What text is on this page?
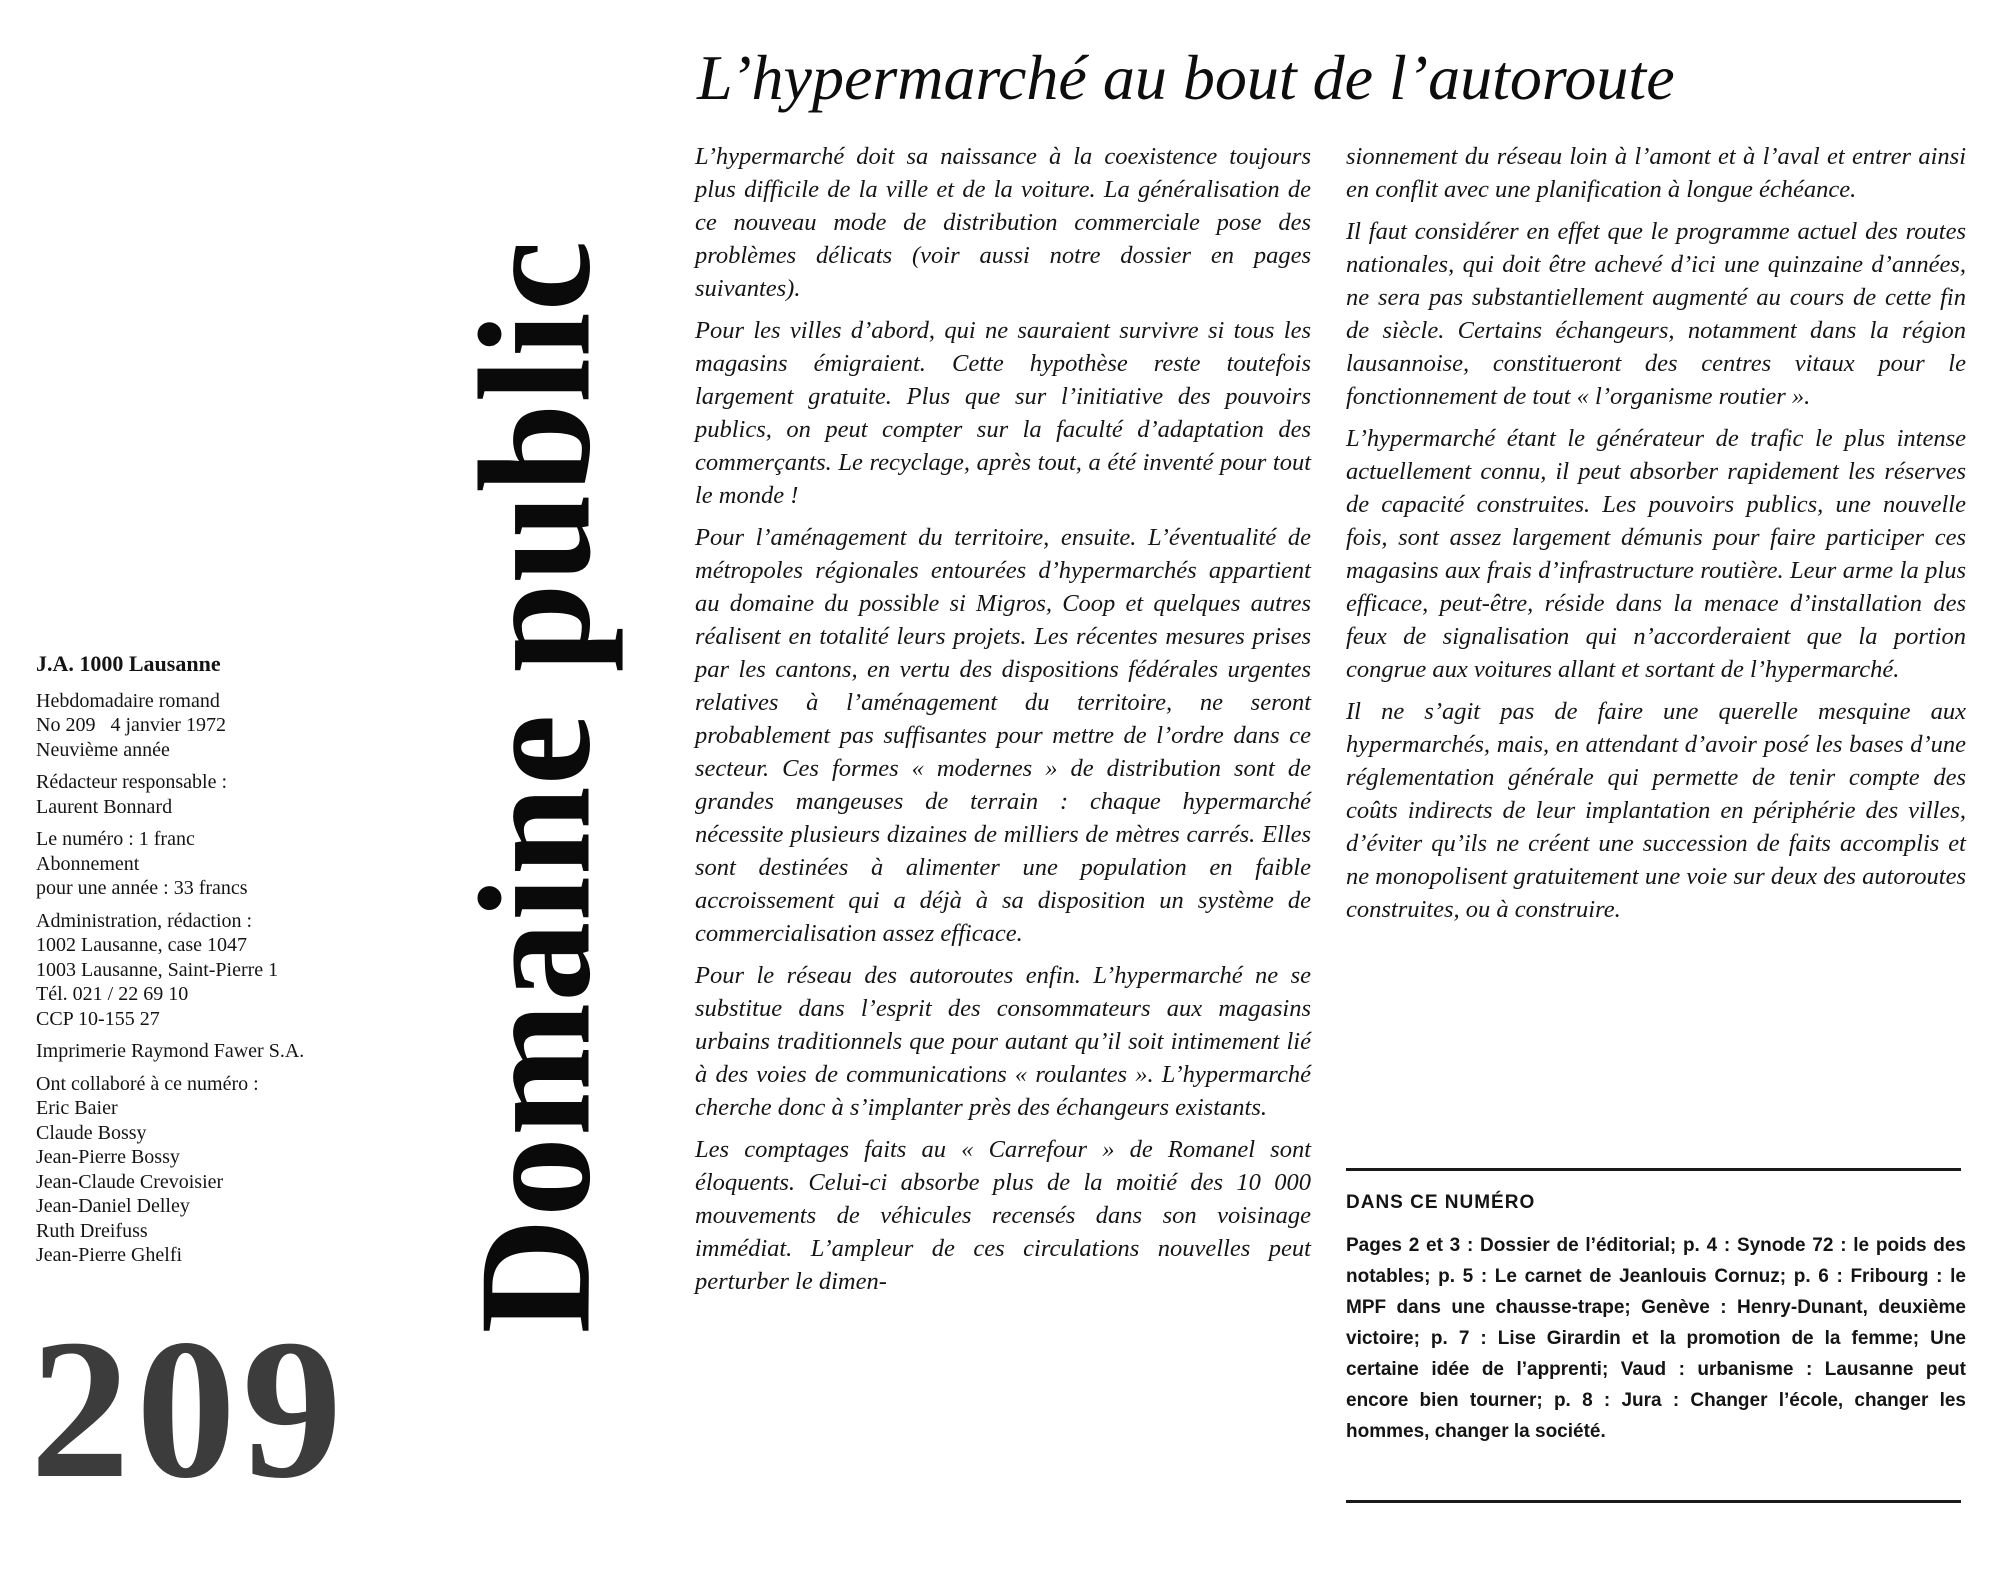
Domaine public
J.A. 1000 Lausanne
Hebdomadaire romand
No 209   4 janvier 1972
Neuvième année
Rédacteur responsable :
Laurent Bonnard
Le numéro : 1 franc
Abonnement
pour une année : 33 francs
Administration, rédaction :
1002 Lausanne, case 1047
1003 Lausanne, Saint-Pierre 1
Tél. 021 / 22 69 10
CCP 10-155 27
Imprimerie Raymond Fawer S.A.
Ont collaboré à ce numéro :
Eric Baier
Claude Bossy
Jean-Pierre Bossy
Jean-Claude Crevoisier
Jean-Daniel Delley
Ruth Dreifuss
Jean-Pierre Ghelfi
209
L’hypermarché au bout de l’autoroute

L’hypermarché doit sa naissance à la coexistence toujours plus difficile de la ville et de la voiture. La généralisation de ce nouveau mode de distribution commerciale pose des problèmes délicats (voir aussi notre dossier en pages suivantes).

Pour les villes d’abord, qui ne sauraient survivre si tous les magasins émigraient. Cette hypothèse reste toutefois largement gratuite. Plus que sur l’initiative des pouvoirs publics, on peut compter sur la faculté d’adaptation des commerçants. Le recyclage, après tout, a été inventé pour tout le monde !

Pour l’aménagement du territoire, ensuite. L’éventualité de métropoles régionales entourées d’hypermarchés appartient au domaine du possible si Migros, Coop et quelques autres réalisent en totalité leurs projets. Les récentes mesures prises par les cantons, en vertu des dispositions fédérales urgentes relatives à l’aménagement du territoire, ne seront probablement pas suffisantes pour mettre de l’ordre dans ce secteur. Ces formes « modernes » de distribution sont de grandes mangeuses de terrain : chaque hypermarché nécessite plusieurs dizaines de milliers de mètres carrés. Elles sont destinées à alimenter une population en faible accroissement qui a déjà à sa disposition un système de commercialisation assez efficace.

Pour le réseau des autoroutes enfin. L’hypermarché ne se substitue dans l’esprit des consommateurs aux magasins urbains traditionnels que pour autant qu’il soit intimement lié à des voies de communications « roulantes ». L’hypermarché cherche donc à s’implanter près des échangeurs existants.

Les comptages faits au « Carrefour » de Romanel sont éloquents. Celui-ci absorbe plus de la moitié des 10 000 mouvements de véhicules recensés dans son voisinage immédiat. L’ampleur de ces circulations nouvelles peut perturber le dimen-

sionnement du réseau loin à l’amont et à l’aval et entrer ainsi en conflit avec une planification à longue échéance.

Il faut considérer en effet que le programme actuel des routes nationales, qui doit être achevé d’ici une quinzaine d’années, ne sera pas substantiellement augmenté au cours de cette fin de siècle. Certains échangeurs, notamment dans la région lausannoise, constitueront des centres vitaux pour le fonctionnement de tout « l’organisme routier ».

L’hypermarché étant le générateur de trafic le plus intense actuellement connu, il peut absorber rapidement les réserves de capacité construites. Les pouvoirs publics, une nouvelle fois, sont assez largement démunis pour faire participer ces magasins aux frais d’infrastructure routière. Leur arme la plus efficace, peut-être, réside dans la menace d’installation des feux de signalisation qui n’accorderaient que la portion congrue aux voitures allant et sortant de l’hypermarché.

Il ne s’agit pas de faire une querelle mesquine aux hypermarchés, mais, en attendant d’avoir posé les bases d’une réglementation générale qui permette de tenir compte des coûts indirects de leur implantation en périphérie des villes, d’éviter qu’ils ne créent une succession de faits accomplis et ne monopolisent gratuitement une voie sur deux des autoroutes construites, ou à construire.

DANS CE NUMÉRO
Pages 2 et 3 : Dossier de l’éditorial; p. 4 : Synode 72 : le poids des notables; p. 5 : Le carnet de Jeanlouis Cornuz; p. 6 : Fribourg : le MPF dans une chausse-trape; Genève : Henry-Dunant, deuxième victoire; p. 7 : Lise Girardin et la promotion de la femme; Une certaine idée de l’apprenti; Vaud : urbanisme : Lausanne peut encore bien tourner; p. 8 : Jura : Changer l’école, changer les hommes, changer la société.
